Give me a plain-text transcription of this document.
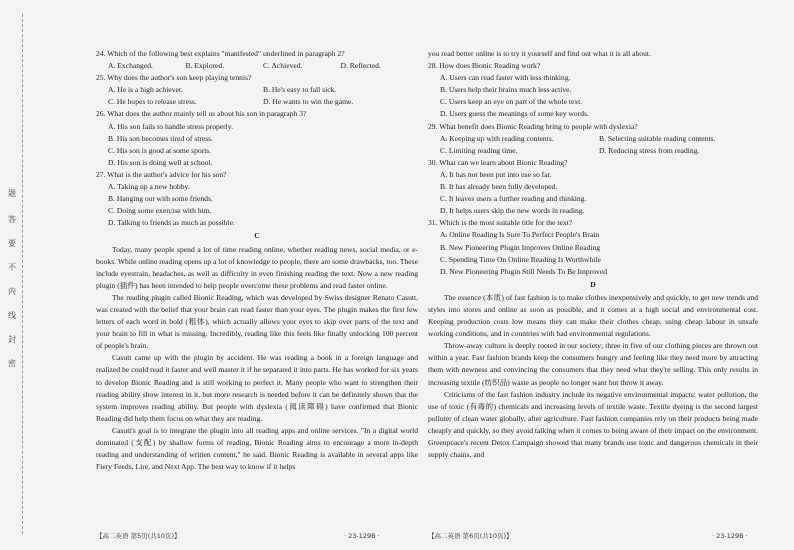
题
答
要
不
内
线
封
密

24. Which of the following best explains "manifested" underlined in paragraph 2?

A. Exchanged.	B. Explored.	C. Achieved.	D. Reflected.

25. Why does the author's son keep playing tennis?

A. He is a high achiever.	B. He's easy to fall sick.
C. He hopes to release stress.	D. He wants to win the game.

26. What does the author mainly tell us about his son in paragraph 3?

A. His son fails to handle stress properly.

B. His son becomes tired of stress.

C. His son is good at some sports.

D. His son is doing well at school.

27. What is the author's advice for his son?

A. Taking up a new hobby.

B. Hanging out with some friends.

C. Doing some exercise with him.

D. Talking to friends as much as possible.

C

Today, many people spend a lot of time reading online, whether reading news, social media, or e-books. While online reading opens up a lot of knowledge to people, there are some drawbacks, too. These include eyestrain, headaches, as well as difficulty in even finishing reading the text. Now a new reading plugin (插件) has been intended to help people overcome these problems and read faster online.

The reading plugin called Bionic Reading, which was developed by Swiss designer Renato Casutt, was created with the belief that your brain can read faster than your eyes. The plugin makes the first few letters of each word in bold (粗体), which actually allows your eyes to skip over parts of the text and your brain to fill in what is missing. Incredibly, reading like this feels like finally unlocking 100 percent of people's brain.

Casutt came up with the plugin by accident. He was reading a book in a foreign language and realized he could read it faster and well master it if he separated it into parts. He has worked for six years to develop Bionic Reading and is still working to perfect it. Many people who want to strengthen their reading ability show interest in it, but more research is needed before it can be definitely shown that the system improves reading ability. But people with dyslexia (阅读障碍) have confirmed that Bionic Reading did help them focus on what they are reading.

Casutt's goal is to integrate the plugin into all reading apps and online services. "In a digital world dominated (支配) by shallow forms of reading, Bionic Reading aims to encourage a more in-depth reading and understanding of written content," he said. Bionic Reading is available in several apps like Fiery Feeds, Lire, and Next App. The best way to know if it helps

you read better online is to try it yourself and find out what it is all about.

28. How does Bionic Reading work?

A. Users can read faster with less thinking.

B. Users help their brains much less active.

C. Users keep an eye on part of the whole text.

D. Users guess the meanings of some key words.

29. What benefit does Bionic Reading bring to people with dyslexia?

A. Keeping up with reading contents.	B. Selecting suitable reading contents.
C. Limiting reading time.	D. Reducing stress from reading.

30. What can we learn about Bionic Reading?

A. It has not been put into use so far.

B. It has already been fully developed.

C. It leaves users a further reading and thinking.

D. It helps users skip the new words in reading.

31. Which is the most suitable title for the text?

A. Online Reading Is Sure To Perfect People's Brain

B. New Pioneering Plugin Improves Online Reading

C. Spending Time On Online Reading Is Worthwhile

D. New Pioneering Plugin Still Needs To Be Improved

D

The essence (本质) of fast fashion is to make clothes inexpensively and quickly, to get new trends and styles into stores and online as soon as possible, and it comes at a high social and environmental cost. Keeping production costs low means they can make their clothes cheap, using cheap labour in unsafe working conditions, and in countries with bad environmental regulations.

Throw-away culture is deeply rooted in our society; three in five of our clothing pieces are thrown out within a year. Fast fashion brands keep the consumers hungry and feeling like they need more by attracting them with newness and convincing the consumers that they need what they're selling. This only results in increasing textile (纺织品) waste as people no longer want but throw it away.

Criticisms of the fast fashion industry include its negative environmental impacts: water pollution, the use of toxic (有毒的) chemicals and increasing levels of textile waste. Textile dyeing is the second largest polluter of clean water globally, after agriculture. Fast fashion companies rely on their products being made cheaply and quickly, so they avoid talking when it comes to being aware of their impact on the environment. Greenpeace's recent Detox Campaign showed that many brands use toxic and dangerous chemicals in their supply chains, and

【高二英语 第5页(共10页)】	· 23-129B ·	【高二英语 第6页(共10页)】	· 23-129B ·
